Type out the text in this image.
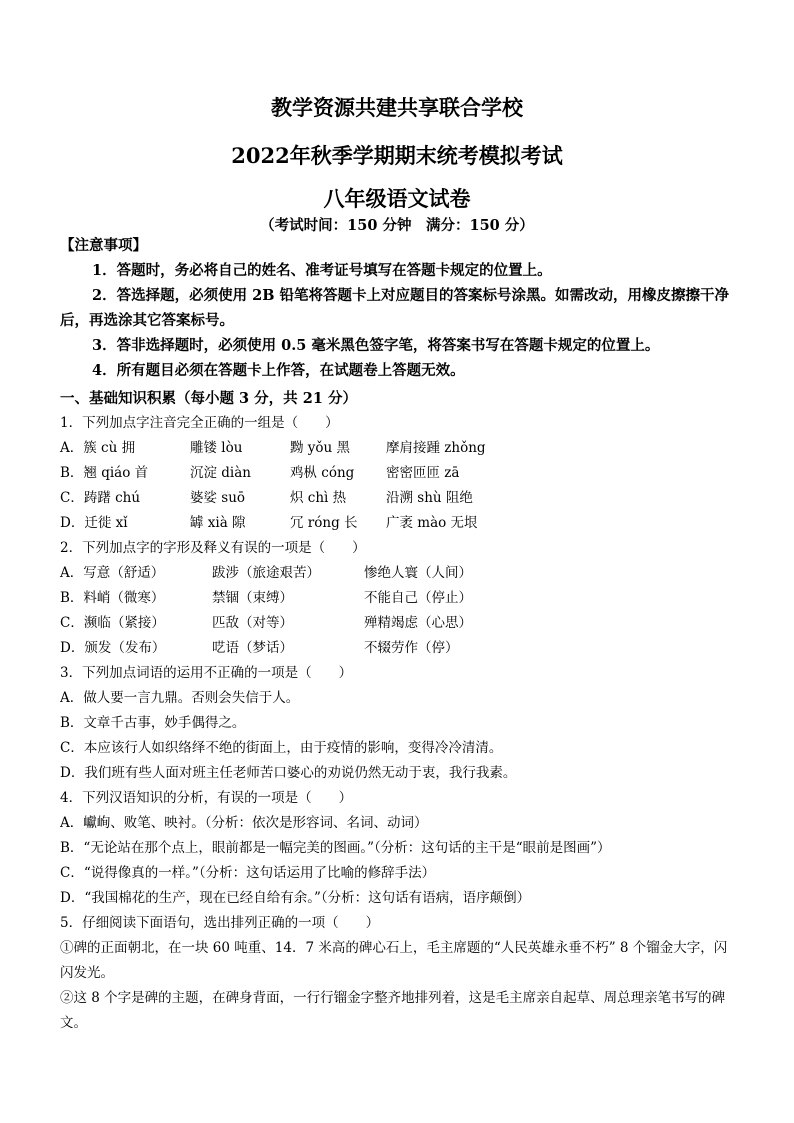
教学资源共建共享联合学校
2022年秋季学期期末统考模拟考试
八年级语文试卷
（考试时间：150 分钟　满分：150 分）
【注意事项】
1．答题时，务必将自己的姓名、准考证号填写在答题卡规定的位置上。
2．答选择题，必须使用 2B 铅笔将答题卡上对应题目的答案标号涂黑。如需改动，用橡皮擦擦干净后，再选涂其它答案标号。
3．答非选择题时，必须使用 0.5 毫米黑色签字笔，将答案书写在答题卡规定的位置上。
4．所有题目必须在答题卡上作答，在试题卷上答题无效。
一、基础知识积累（每小题 3 分，共 21 分）
1．下列加点字注音完全正确的一组是（　　）
A．簇 cù 拥	雕镂 lòu	黝 yǒu 黑	摩肩接踵 zhǒng
B．翘 qiáo 首	沉淀 diàn	鸡枞 cóng	密密匝匝 zā
C．踌躇 chú	婆娑 suō	炽 chì 热	沿溯 shù 阻绝
D．迁徙 xǐ	罅 xià 隙	冗 róng 长	广袤 mào 无垠
2．下列加点字的字形及释义有误的一项是（　　）
A．写意（舒适）	跋涉（旅途艰苦）	惨绝人寰（人间）
B．料峭（微寒）	禁锢（束缚）	不能自己（停止）
C．濒临（紧接）	匹敌（对等）	殚精竭虑（心思）
D．颁发（发布）	呓语（梦话）	不辍劳作（停）
3．下列加点词语的运用不正确的一项是（　　）
A．做人要一言九鼎。否则会失信于人。
B．文章千古事，妙手偶得之。
C．本应该行人如织络绎不绝的街面上，由于疫情的影响，变得冷冷清清。
D．我们班有些人面对班主任老师苦口婆心的劝说仍然无动于衷，我行我素。
4．下列汉语知识的分析，有误的一项是（　　）
A．巘峋、败笔、映衬。（分析：依次是形容词、名词、动词）
B．“无论站在那个点上，眼前都是一幅完美的图画。”（分析：这句话的主干是“眼前是图画”）
C．“说得像真的一样。”（分析：这句话运用了比喻的修辞手法）
D．“我国棉花的生产，现在已经自给有余。”（分析：这句话有语病，语序颠倒）
5．仔细阅读下面语句，选出排列正确的一项（　　）
①碑的正面朝北，在一块 60 吨重、14．7 米高的碑心石上，毛主席题的“人民英雄永垂不朽” 8 个镏金大字，闪闪发光。
②这 8 个字是碑的主题，在碑身背面，一行行镏金字整齐地排列着，这是毛主席亲自起草、周总理亲笔书写的碑文。
